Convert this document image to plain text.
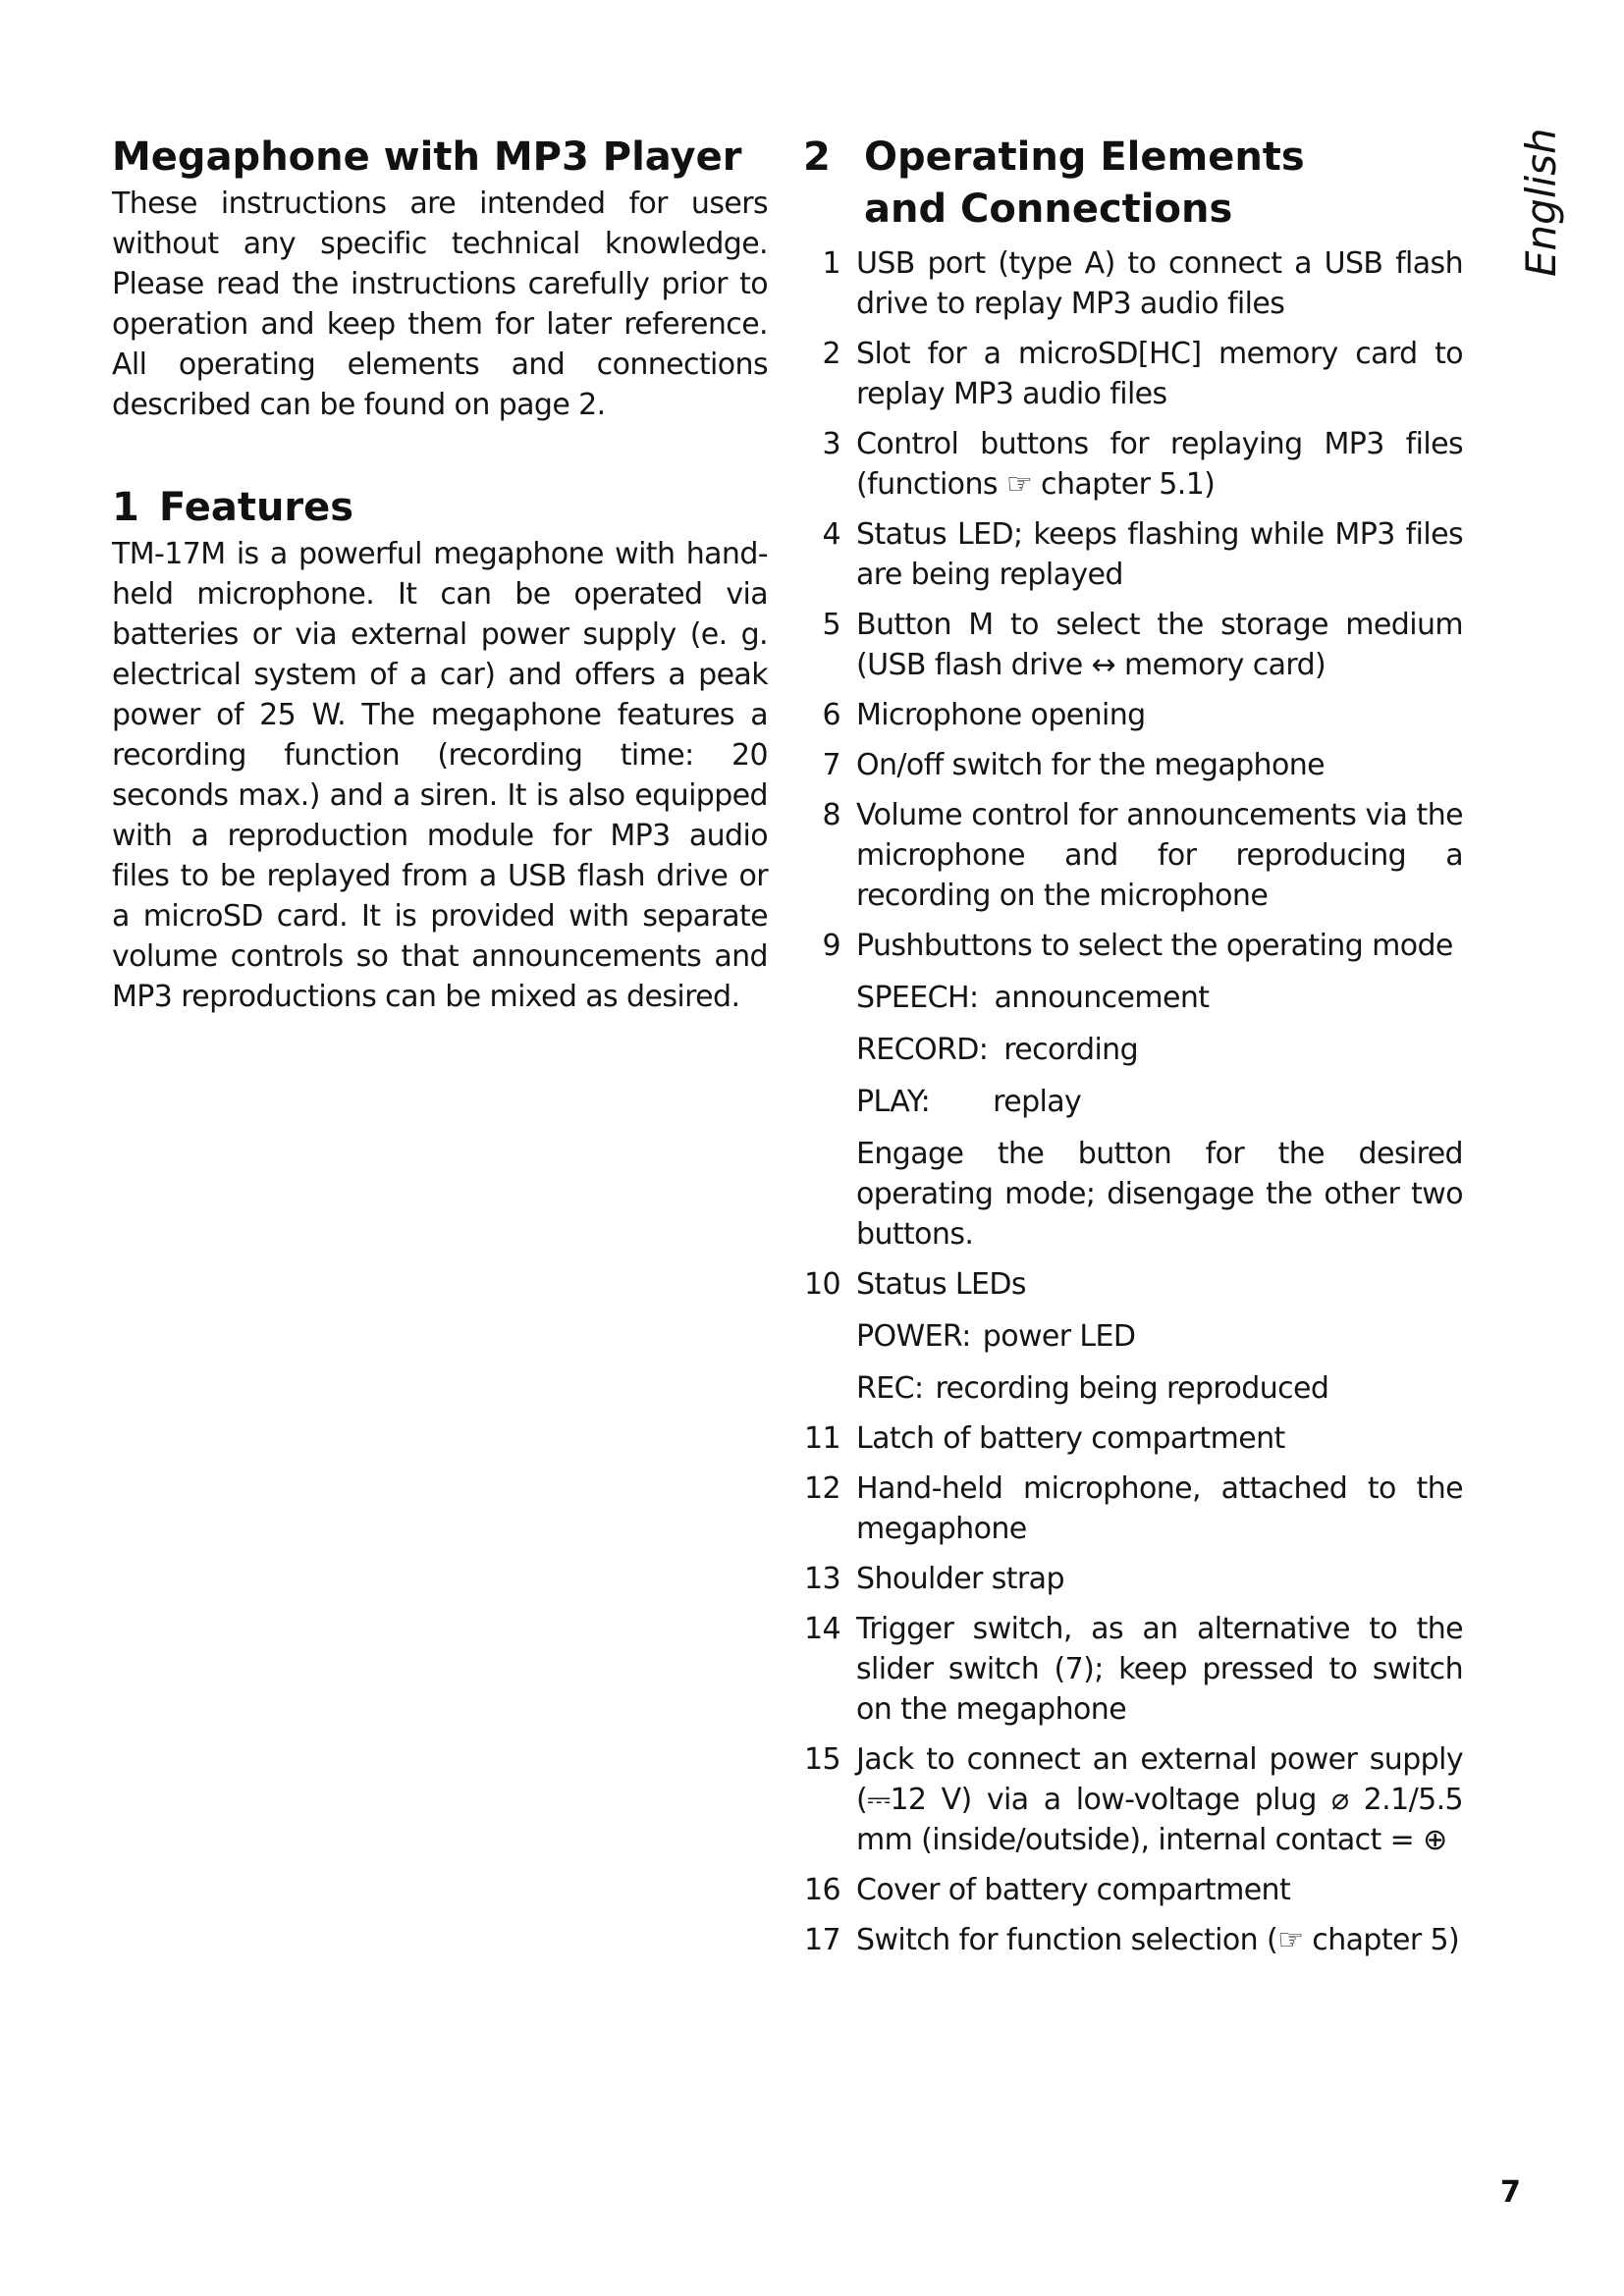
Megaphone with MP3 Player

These instructions are intended for users without any specific technical knowledge. Please read the instructions carefully prior to operation and keep them for later reference. All operating elements and connections described can be found on page 2.

1 Features

TM-17M is a powerful megaphone with hand-held microphone. It can be operated via batteries or via external power supply (e. g. electrical system of a car) and offers a peak power of 25 W. The megaphone features a recording function (recording time: 20 seconds max.) and a siren. It is also equipped with a reproduction module for MP3 audio files to be replayed from a USB flash drive or a microSD card. It is provided with separate volume controls so that announcements and MP3 reproductions can be mixed as desired.

2 Operating Elements
and Connections
1 USB port (type A) to connect a USB flash drive to replay MP3 audio files
2 Slot for a microSD[HC] memory card to replay MP3 audio files
3 Control buttons for replaying MP3 files (functions ☞ chapter 5.1)
4 Status LED; keeps flashing while MP3 files are being replayed
5 Button M to select the storage medium (USB flash drive ↔ memory card)
6 Microphone opening
7 On/off switch for the megaphone
8 Volume control for announcements via the microphone and for reproducing a recording on the microphone
9 Pushbuttons to select the operating mode
SPEECH: announcement
RECORD: recording
PLAY: replay
Engage the button for the desired operating mode; disengage the other two buttons.
10 Status LEDs
POWER: power LED
REC: recording being reproduced
11 Latch of battery compartment
12 Hand-held microphone, attached to the megaphone
13 Shoulder strap
14 Trigger switch, as an alternative to the slider switch (7); keep pressed to switch on the megaphone
15 Jack to connect an external power supply (⎓12 V) via a low-voltage plug ⌀ 2.1/5.5 mm (inside/outside), internal contact = ⊕
16 Cover of battery compartment
17 Switch for function selection (☞ chapter 5)
English
7
